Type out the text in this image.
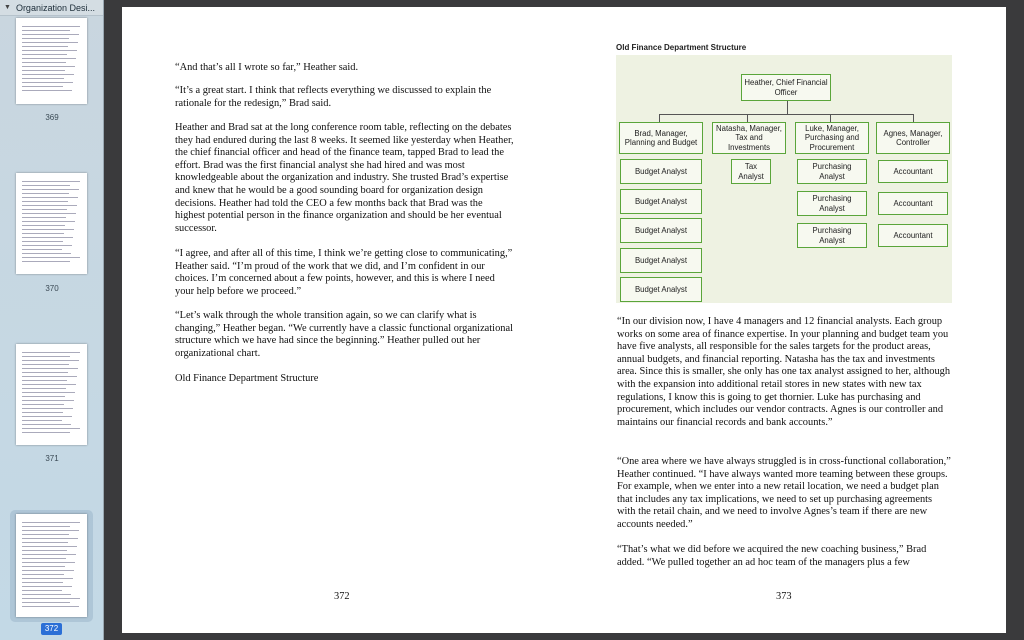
▼ Organization Desi...
369
370
371
372

“And that’s all I wrote so far,” Heather said.

“It’s a great start. I think that reflects everything we discussed to explain the rationale for the redesign,” Brad said.

Heather and Brad sat at the long conference room table, reflecting on the debates they had endured during the last 8 weeks. It seemed like yesterday when Heather, the chief financial officer and head of the finance team, tapped Brad to lead the effort. Brad was the first financial analyst she had hired and was most knowledgeable about the organization and industry. She trusted Brad’s expertise and knew that he would be a good sounding board for organization design decisions. Heather had told the CEO a few months back that Brad was the highest potential person in the finance organization and should be her eventual successor.

“I agree, and after all of this time, I think we’re getting close to communicating,” Heather said. “I’m proud of the work that we did, and I’m confident in our choices. I’m concerned about a few points, however, and this is where I need your help before we proceed.”

“Let’s walk through the whole transition again, so we can clarify what is changing,” Heather began. “We currently have a classic functional organizational structure which we have had since the beginning.” Heather pulled out her organizational chart.

Old Finance Department Structure

372
Old Finance Department Structure
Heather, Chief Financial Officer
Brad, Manager, Planning and Budget
Natasha, Manager, Tax and Investments
Luke, Manager, Purchasing and Procurement
Agnes, Manager, Controller
Budget Analyst
Budget Analyst
Budget Analyst
Budget Analyst
Budget Analyst
Tax Analyst
Purchasing Analyst
Purchasing Analyst
Purchasing Analyst
Accountant
Accountant
Accountant

“In our division now, I have 4 managers and 12 financial analysts. Each group works on some area of finance expertise. In your planning and budget team you have five analysts, all responsible for the sales targets for the product areas, annual budgets, and financial reporting. Natasha has the tax and investments area. Since this is smaller, she only has one tax analyst assigned to her, although with the expansion into additional retail stores in new states with new tax regulations, I know this is going to get thornier. Luke has purchasing and procurement, which includes our vendor contracts. Agnes is our controller and maintains our financial records and bank accounts.”

“One area where we have always struggled is in cross-functional collaboration,” Heather continued. “I have always wanted more teaming between these groups. For example, when we enter into a new retail location, we need a budget plan that includes any tax implications, we need to set up purchasing agreements with the retail chain, and we need to involve Agnes’s team if there are new accounts needed.”

“That’s what we did before we acquired the new coaching business,” Brad added. “We pulled together an ad hoc team of the managers plus a few

373
